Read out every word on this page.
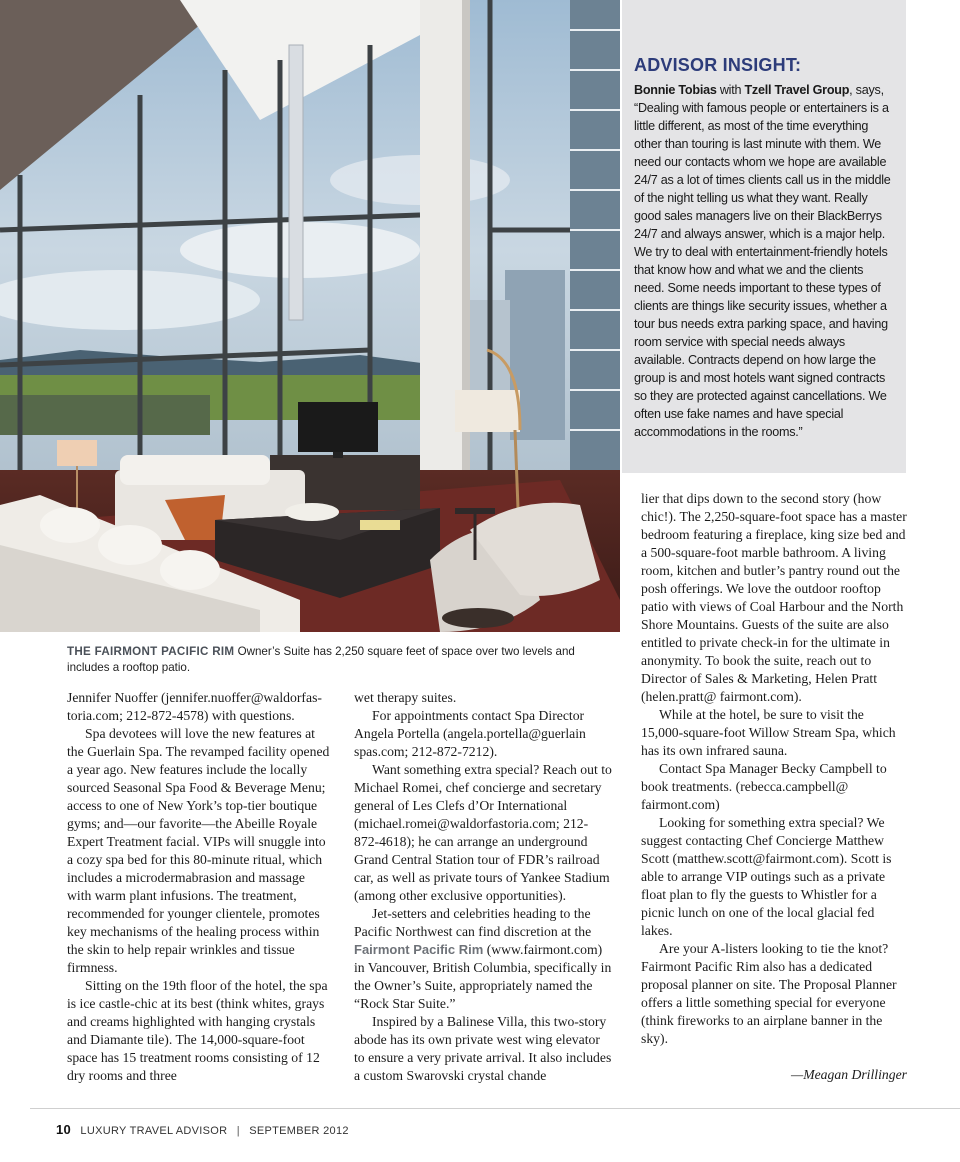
ADVISOR INSIGHT:

Bonnie Tobias with Tzell Travel Group, says, “Dealing with famous people or entertainers is a little different, as most of the time everything other than touring is last minute with them. We need our contacts whom we hope are available 24/7 as a lot of times clients call us in the middle of the night telling us what they want. Really good sales managers live on their BlackBerrys 24/7 and always answer, which is a major help. We try to deal with entertainment-friendly hotels that know how and what we and the clients need. Some needs important to these types of clients are things like security issues, whether a tour bus needs extra parking space, and having room service with special needs always available. Contracts depend on how large the group is and most hotels want signed contracts so they are protected against cancellations. We often use fake names and have special accommodations in the rooms.”

THE FAIRMONT PACIFIC RIM Owner’s Suite has 2,250 square feet of space over two levels and includes a rooftop patio.

Jennifer Nuoffer (jennifer.nuoffer@waldorfastoria.com; 212-872-4578) with questions.

Spa devotees will love the new features at the Guerlain Spa. The revamped facility opened a year ago. New features include the locally sourced Seasonal Spa Food & Beverage Menu; access to one of New York’s top-tier boutique gyms; and—our favorite—the Abeille Royale Expert Treatment facial. VIPs will snuggle into a cozy spa bed for this 80-minute ritual, which includes a microdermabrasion and massage with warm plant infusions. The treatment, recommended for younger clientele, promotes key mechanisms of the healing process within the skin to help repair wrinkles and tissue firmness.

Sitting on the 19th floor of the hotel, the spa is ice castle-chic at its best (think whites, grays and creams highlighted with hanging crystals and Diamante tile). The 14,000-square-foot space has 15 treatment rooms consisting of 12 dry rooms and three

wet therapy suites.

For appointments contact Spa Director Angela Portella (angela.portella@guerlain spas.com; 212-872-7212).

Want something extra special? Reach out to Michael Romei, chef concierge and secretary general of Les Clefs d’Or International (michael.romei@waldorfastoria.com; 212-872-4618); he can arrange an underground Grand Central Station tour of FDR’s railroad car, as well as private tours of Yankee Stadium (among other exclusive opportunities).

Jet-setters and celebrities heading to the Pacific Northwest can find discretion at the Fairmont Pacific Rim (www.fairmont.com) in Vancouver, British Columbia, specifically in the Owner’s Suite, appropriately named the “Rock Star Suite.”

Inspired by a Balinese Villa, this two-story abode has its own private west wing elevator to ensure a very private arrival. It also includes a custom Swarovski crystal chande

lier that dips down to the second story (how chic!). The 2,250-square-foot space has a master bedroom featuring a fireplace, king size bed and a 500-square-foot marble bathroom. A living room, kitchen and butler’s pantry round out the posh offerings. We love the outdoor rooftop patio with views of Coal Harbour and the North Shore Mountains. Guests of the suite are also entitled to private check-in for the ultimate in anonymity. To book the suite, reach out to Director of Sales & Marketing, Helen Pratt (helen.pratt@ fairmont.com).

While at the hotel, be sure to visit the 15,000-square-foot Willow Stream Spa, which has its own infrared sauna.

Contact Spa Manager Becky Campbell to book treatments. (rebecca.campbell@ fairmont.com)

Looking for something extra special? We suggest contacting Chef Concierge Matthew Scott (matthew.scott@fairmont.com). Scott is able to arrange VIP outings such as a private float plan to fly the guests to Whistler for a picnic lunch on one of the local glacial fed lakes.

Are your A-listers looking to tie the knot? Fairmont Pacific Rim also has a dedicated proposal planner on site. The Proposal Planner offers a little something special for everyone (think fireworks to an airplane banner in the sky).

—Meagan Drillinger
10 LUXURY TRAVEL ADVISOR | SEPTEMBER 2012
